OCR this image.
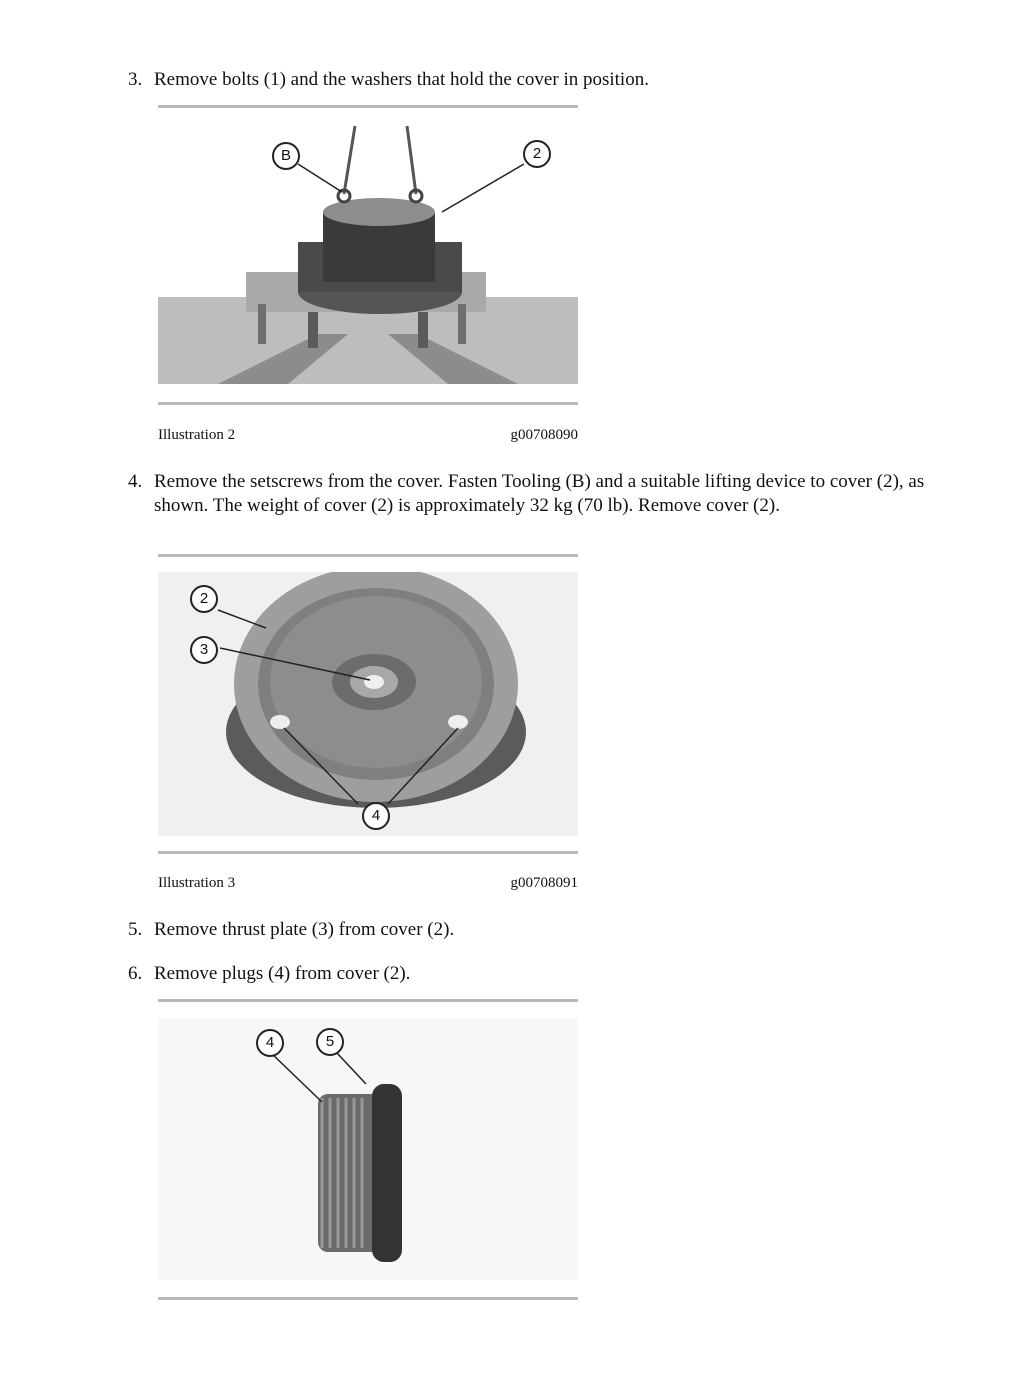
3. Remove bolts (1) and the washers that hold the cover in position.
B	2
Illustration 2	g00708090
4. Remove the setscrews from the cover. Fasten Tooling (B) and a suitable lifting device to cover (2), as shown. The weight of cover (2) is approximately 32 kg (70 lb). Remove cover (2).
2
3
4
Illustration 3	g00708091
5. Remove thrust plate (3) from cover (2).
6. Remove plugs (4) from cover (2).
4	5
